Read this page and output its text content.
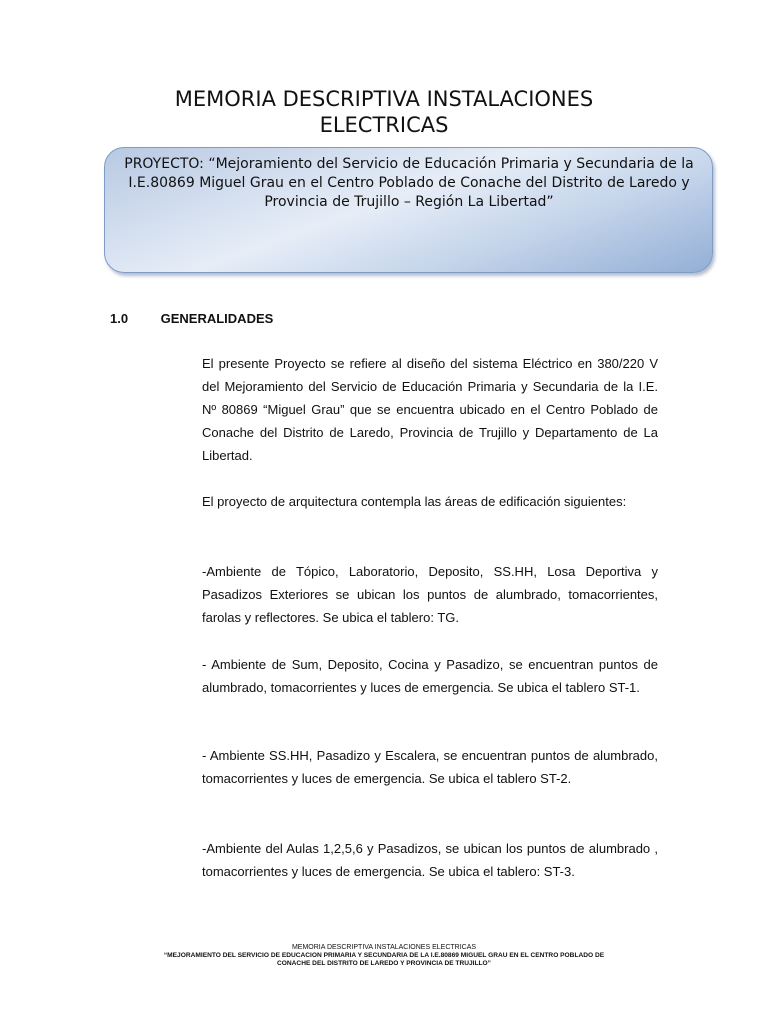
MEMORIA DESCRIPTIVA INSTALACIONES
ELECTRICAS
PROYECTO: “Mejoramiento del Servicio de Educación Primaria y Secundaria de la I.E.80869 Miguel Grau en el Centro Poblado de Conache del Distrito de Laredo y Provincia de Trujillo – Región La Libertad”
1.0	GENERALIDADES

El presente Proyecto se refiere al diseño del sistema Eléctrico en 380/220 V del Mejoramiento del Servicio de Educación Primaria y Secundaria de la I.E. Nº 80869 “Miguel Grau” que se encuentra ubicado en el Centro Poblado de Conache del Distrito de Laredo, Provincia de Trujillo y Departamento de La Libertad.

El proyecto de arquitectura contempla las áreas de edificación siguientes:

-Ambiente de Tópico, Laboratorio, Deposito, SS.HH, Losa Deportiva y Pasadizos Exteriores se ubican los puntos de alumbrado, tomacorrientes, farolas y reflectores. Se ubica el tablero: TG.

- Ambiente de Sum, Deposito, Cocina y Pasadizo, se encuentran puntos de alumbrado, tomacorrientes y luces de emergencia. Se ubica el tablero ST-1.

- Ambiente SS.HH, Pasadizo y Escalera, se encuentran puntos de alumbrado, tomacorrientes y luces de emergencia. Se ubica el tablero ST-2.

-Ambiente del Aulas 1,2,5,6 y Pasadizos, se ubican los puntos de alumbrado , tomacorrientes y luces de emergencia. Se ubica el tablero: ST-3.

MEMORIA DESCRIPTIVA INSTALACIONES ELECTRICAS
“MEJORAMIENTO DEL SERVICIO DE EDUCACION PRIMARIA Y SECUNDARIA DE LA I.E.80869 MIGUEL GRAU EN EL CENTRO POBLADO DE
CONACHE DEL DISTRITO DE LAREDO Y PROVINCIA DE TRUJILLO”
